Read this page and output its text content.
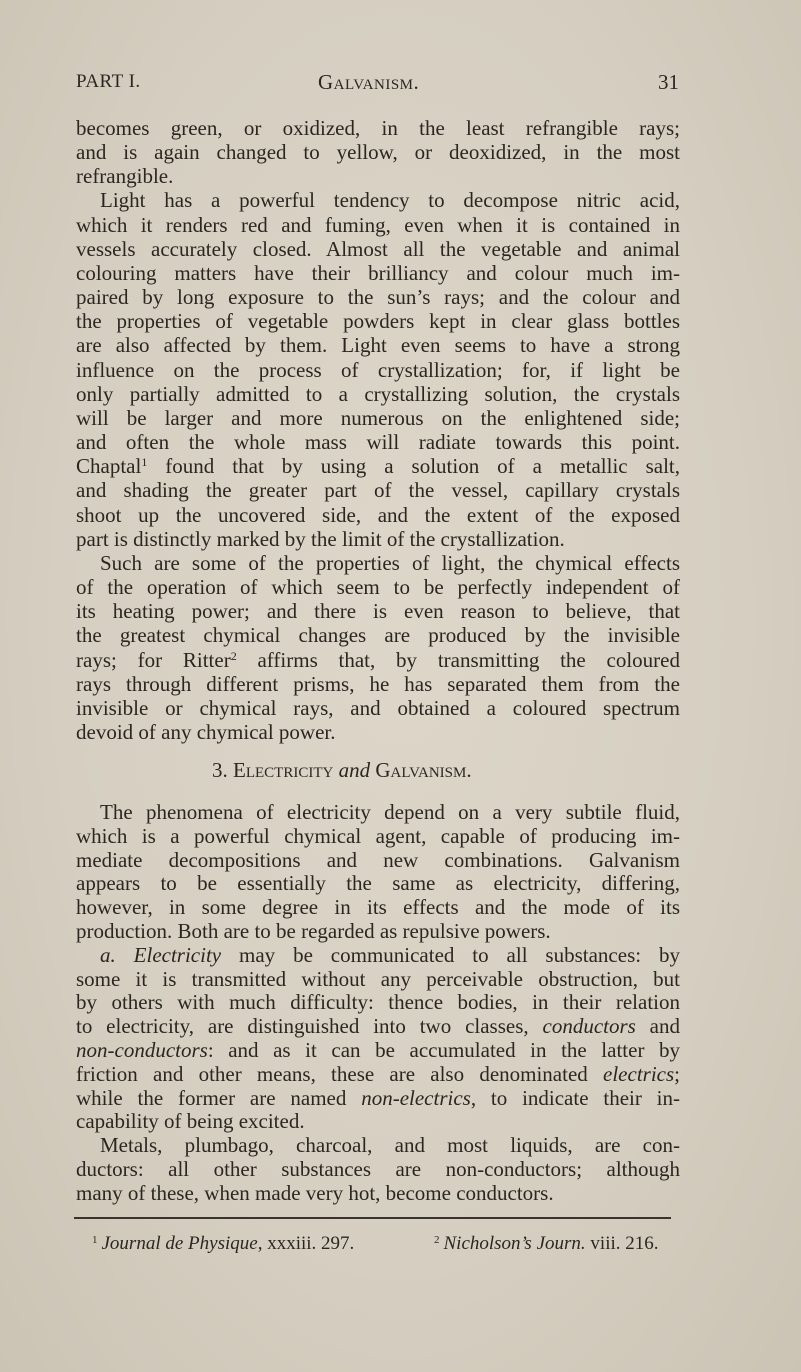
PART I.	Galvanism.	31
becomes green, or oxidized, in the least refrangible rays;
and is again changed to yellow, or deoxidized, in the most
refrangible.
Light has a powerful tendency to decompose nitric acid,
which it renders red and fuming, even when it is contained in
vessels accurately closed. Almost all the vegetable and animal
colouring matters have their brilliancy and colour much im-
paired by long exposure to the sun’s rays; and the colour and
the properties of vegetable powders kept in clear glass bottles
are also affected by them. Light even seems to have a strong
influence on the process of crystallization; for, if light be
only partially admitted to a crystallizing solution, the crystals
will be larger and more numerous on the enlightened side;
and often the whole mass will radiate towards this point.
Chaptal$^1$ found that by using a solution of a metallic salt,
and shading the greater part of the vessel, capillary crystals
shoot up the uncovered side, and the extent of the exposed
part is distinctly marked by the limit of the crystallization.
Such are some of the properties of light, the chymical effects
of the operation of which seem to be perfectly independent of
its heating power; and there is even reason to believe, that
the greatest chymical changes are produced by the invisible
rays; for Ritter$^2$ affirms that, by transmitting the coloured
rays through different prisms, he has separated them from the
invisible or chymical rays, and obtained a coloured spectrum
devoid of any chymical power.
3. Electricity and Galvanism.
The phenomena of electricity depend on a very subtile fluid,
which is a powerful chymical agent, capable of producing im-
mediate decompositions and new combinations. Galvanism
appears to be essentially the same as electricity, differing,
however, in some degree in its effects and the mode of its
production. Both are to be regarded as repulsive powers.
a. Electricity may be communicated to all substances: by
some it is transmitted without any perceivable obstruction, but
by others with much difficulty: thence bodies, in their relation
to electricity, are distinguished into two classes, conductors and
non-conductors: and as it can be accumulated in the latter by
friction and other means, these are also denominated electrics;
while the former are named non-electrics, to indicate their in-
capability of being excited.
Metals, plumbago, charcoal, and most liquids, are con-
ductors: all other substances are non-conductors; although
many of these, when made very hot, become conductors.
$^1$ Journal de Physique, xxxiii. 297.	$^2$ Nicholson’s Journ. viii. 216.
